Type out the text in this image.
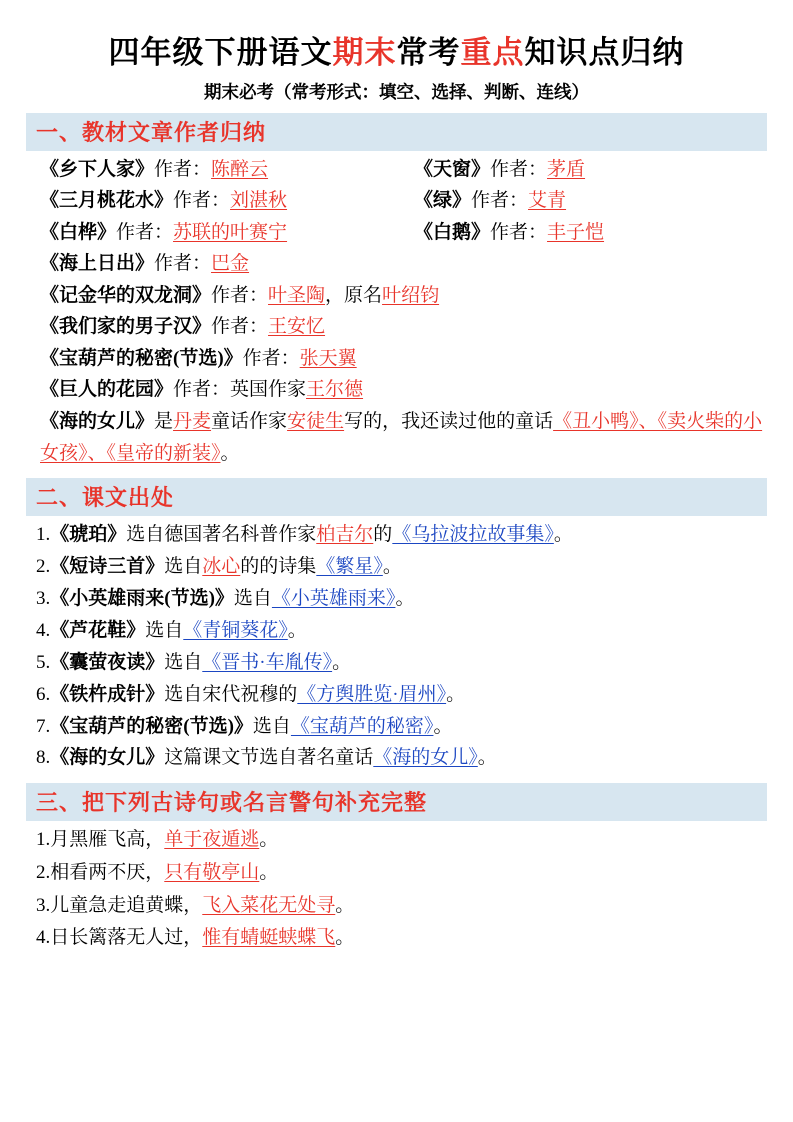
四年级下册语文期末常考重点知识点归纳
期末必考（常考形式：填空、选择、判断、连线）
一、教材文章作者归纳
《乡下人家》作者：陈醉云	《天窗》作者：茅盾
《三月桃花水》作者：刘湛秋	《绿》作者：艾青
《白桦》作者：苏联的叶赛宁	《白鹅》作者：丰子恺
《海上日出》作者：巴金
《记金华的双龙洞》作者：叶圣陶，原名叶绍钧
《我们家的男子汉》作者：王安忆
《宝葫芦的秘密(节选)》作者：张天翼
《巨人的花园》作者：英国作家王尔德
《海的女儿》是丹麦童话作家安徒生写的，我还读过他的童话《丑小鸭》、《卖火柴的小女孩》、《皇帝的新装》。
二、课文出处
1.《琥珀》选自德国著名科普作家柏吉尔的《乌拉波拉故事集》。
2.《短诗三首》选自冰心的的诗集《繁星》。
3.《小英雄雨来(节选)》选自《小英雄雨来》。
4.《芦花鞋》选自《青铜葵花》。
5.《囊萤夜读》选自《晋书·车胤传》。
6.《铁杵成针》选自宋代祝穆的《方舆胜览·眉州》。
7.《宝葫芦的秘密(节选)》选自《宝葫芦的秘密》。
8.《海的女儿》这篇课文节选自著名童话《海的女儿》。
三、把下列古诗句或名言警句补充完整
1.月黑雁飞高，单于夜遁逃。
2.相看两不厌，只有敬亭山。
3.儿童急走追黄蝶，飞入菜花无处寻。
4.日长篱落无人过，惟有蜻蜓蛱蝶飞。
